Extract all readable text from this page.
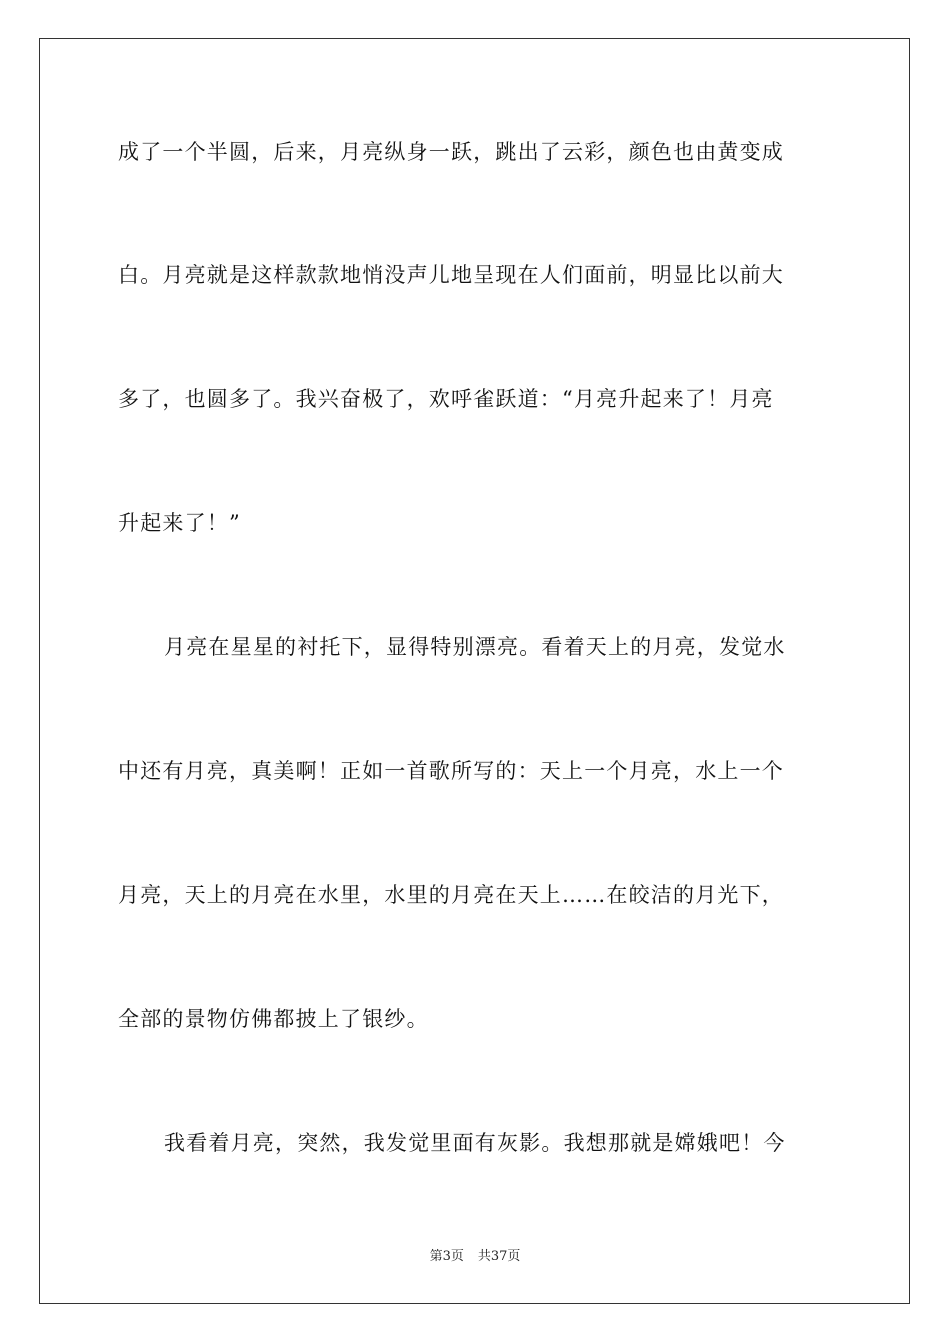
成了一个半圆，后来，月亮纵身一跃，跳出了云彩，颜色也由黄变成
白。月亮就是这样款款地悄没声儿地呈现在人们面前，明显比以前大
多了，也圆多了。我兴奋极了，欢呼雀跃道：“月亮升起来了！月亮
升起来了！”
月亮在星星的衬托下，显得特别漂亮。看着天上的月亮，发觉水
中还有月亮，真美啊！正如一首歌所写的：天上一个月亮，水上一个
月亮，天上的月亮在水里，水里的月亮在天上……在皎洁的月光下，
全部的景物仿佛都披上了银纱。
我看着月亮，突然，我发觉里面有灰影。我想那就是嫦娥吧！今
第3页 共37页
